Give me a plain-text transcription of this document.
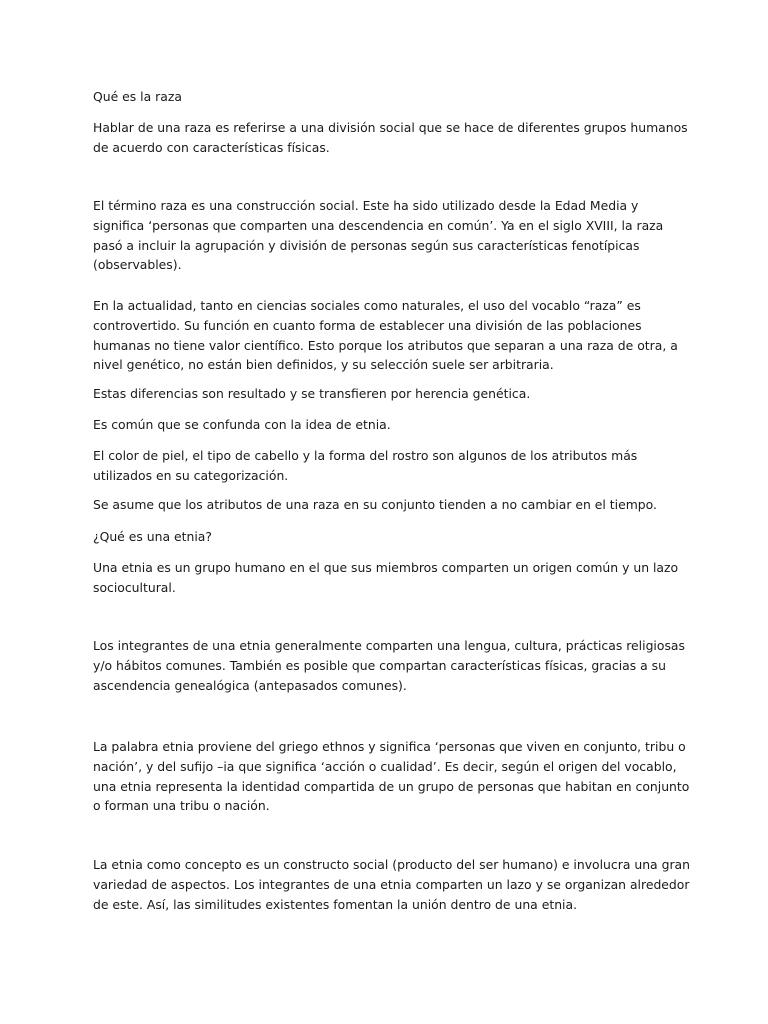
Qué es la raza

Hablar de una raza es referirse a una división social que se hace de diferentes grupos humanos de acuerdo con características físicas.

El término raza es una construcción social. Este ha sido utilizado desde la Edad Media y significa ‘personas que comparten una descendencia en común’. Ya en el siglo XVIII, la raza pasó a incluir la agrupación y división de personas según sus características fenotípicas (observables).

En la actualidad, tanto en ciencias sociales como naturales, el uso del vocablo “raza” es controvertido. Su función en cuanto forma de establecer una división de las poblaciones humanas no tiene valor científico. Esto porque los atributos que separan a una raza de otra, a nivel genético, no están bien definidos, y su selección suele ser arbitraria.

Estas diferencias son resultado y se transfieren por herencia genética.

Es común que se confunda con la idea de etnia.

El color de piel, el tipo de cabello y la forma del rostro son algunos de los atributos más utilizados en su categorización.

Se asume que los atributos de una raza en su conjunto tienden a no cambiar en el tiempo.

¿Qué es una etnia?

Una etnia es un grupo humano en el que sus miembros comparten un origen común y un lazo sociocultural.

Los integrantes de una etnia generalmente comparten una lengua, cultura, prácticas religiosas y/o hábitos comunes. También es posible que compartan características físicas, gracias a su ascendencia genealógica (antepasados comunes).

La palabra etnia proviene del griego ethnos y significa ‘personas que viven en conjunto, tribu o nación’, y del sufijo –ia que significa ‘acción o cualidad’. Es decir, según el origen del vocablo, una etnia representa la identidad compartida de un grupo de personas que habitan en conjunto o forman una tribu o nación.

La etnia como concepto es un constructo social (producto del ser humano) e involucra una gran variedad de aspectos. Los integrantes de una etnia comparten un lazo y se organizan alrededor de este. Así, las similitudes existentes fomentan la unión dentro de una etnia.
